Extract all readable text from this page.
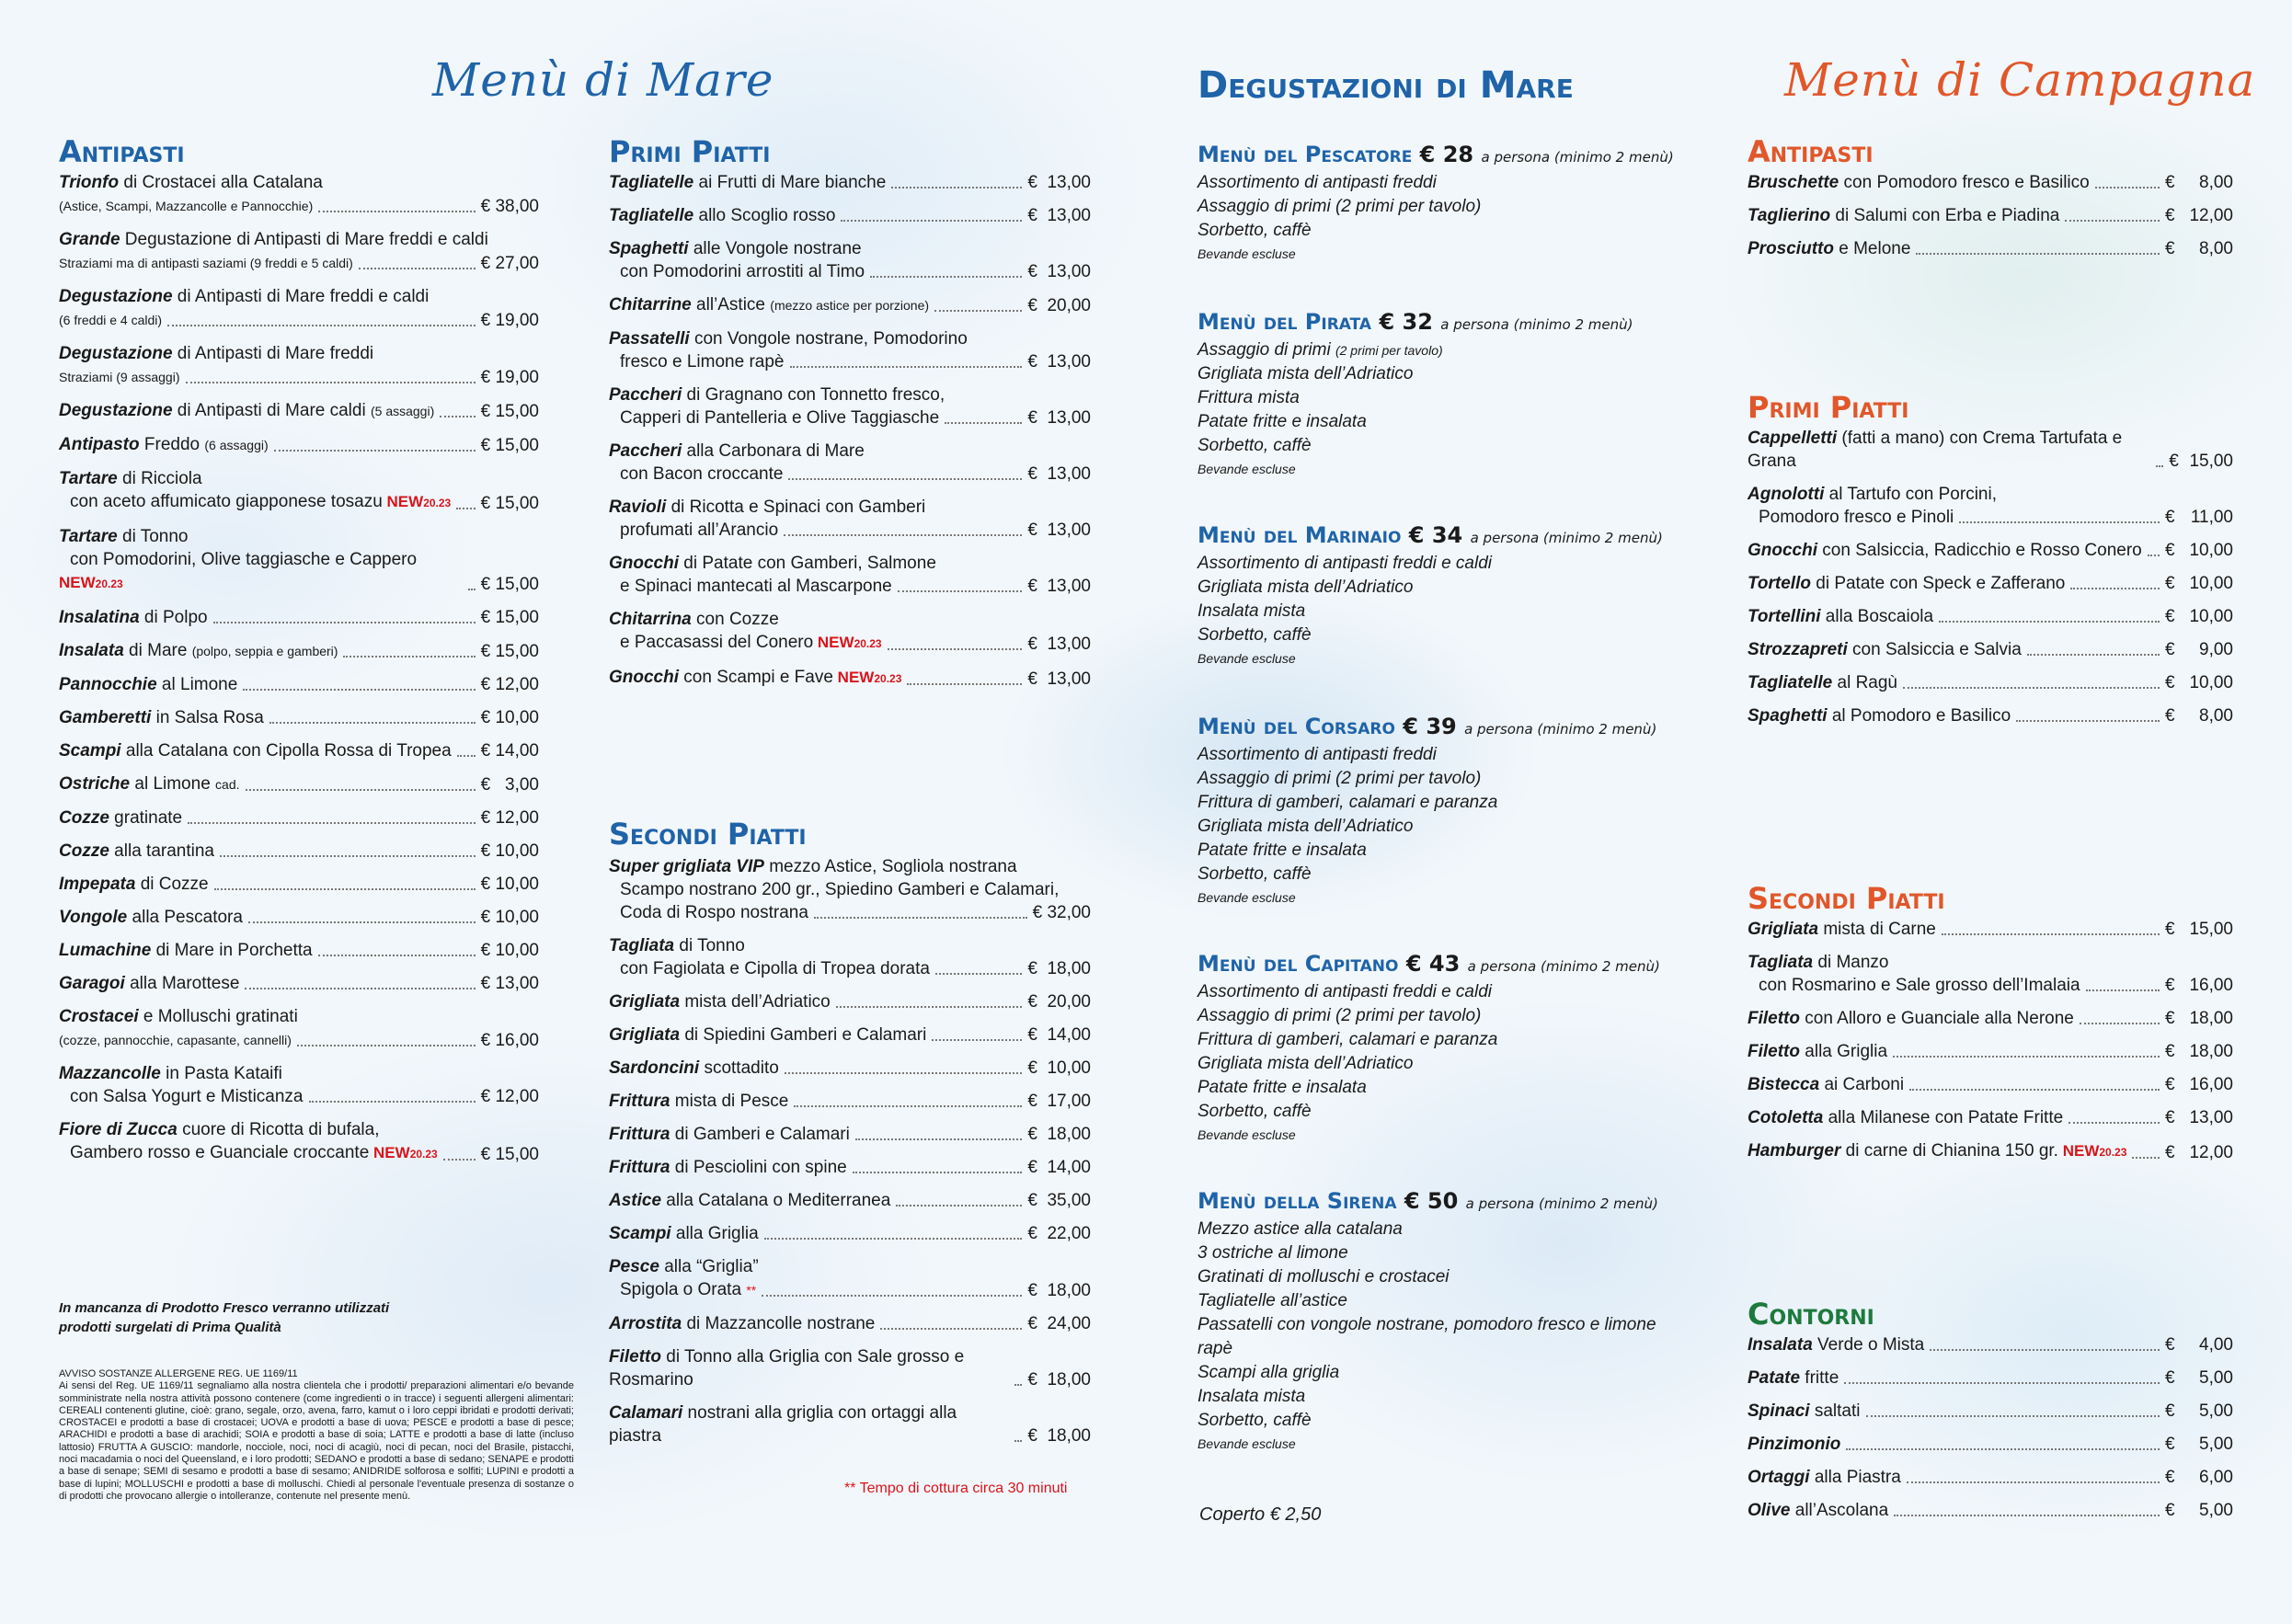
Menù di Mare	Degustazioni di Mare	Menù di Campagna
Antipasti
Trionfo di Crostacei alla Catalana
(Astice, Scampi, Mazzancolle e Pannocchie)	€ 38,00
Grande Degustazione di Antipasti di Mare freddi e caldi
Straziami ma di antipasti saziami (9 freddi e 5 caldi)	€ 27,00
Degustazione di Antipasti di Mare freddi e caldi
(6 freddi e 4 caldi)	€ 19,00
Degustazione di Antipasti di Mare freddi
Straziami (9 assaggi)	€ 19,00
Degustazione di Antipasti di Mare caldi (5 assaggi)	€ 15,00
Antipasto Freddo (6 assaggi)	€ 15,00
Tartare di Ricciola
con aceto affumicato giapponese tosazu NEW20.23 € 15,00
Tartare di Tonno
con Pomodorini, Olive taggiasche e Cappero NEW20.23	€ 15,00
Insalatina di Polpo	€ 15,00
Insalata di Mare (polpo, seppia e gamberi)	€ 15,00
Pannocchie al Limone	€ 12,00
Gamberetti in Salsa Rosa	€ 10,00
Scampi alla Catalana con Cipolla Rossa di Tropea € 14,00
Ostriche al Limone cad.	€   3,00
Cozze gratinate	€ 12,00
Cozze alla tarantina	€ 10,00
Impepata di Cozze	€ 10,00
Vongole alla Pescatora	€ 10,00
Lumachine di Mare in Porchetta	€ 10,00
Garagoi alla Marottese	€ 13,00
Crostacei e Molluschi gratinati
(cozze, pannocchie, capasante, cannelli)	€ 16,00
Mazzancolle in Pasta Kataifi
con Salsa Yogurt e Misticanza	€ 12,00
Fiore di Zucca cuore di Ricotta di bufala,
Gambero rosso e Guanciale croccante NEW20.23 € 15,00
Primi Piatti
Tagliatelle ai Frutti di Mare bianche	€  13,00
Tagliatelle allo Scoglio rosso	€  13,00
Spaghetti alle Vongole nostrane
con Pomodorini arrostiti al Timo	€  13,00
Chitarrine all’Astice (mezzo astice per porzione)	€  20,00
Passatelli con Vongole nostrane, Pomodorino
fresco e Limone rapè	€  13,00
Paccheri di Gragnano con Tonnetto fresco,
Capperi di Pantelleria e Olive Taggiasche	€  13,00
Paccheri alla Carbonara di Mare
con Bacon croccante	€  13,00
Ravioli di Ricotta e Spinaci con Gamberi
profumati all’Arancio	€  13,00
Gnocchi di Patate con Gamberi, Salmone
e Spinaci mantecati al Mascarpone	€  13,00
Chitarrina con Cozze
e Paccasassi del Conero NEW20.23	€  13,00
Gnocchi con Scampi e Fave NEW20.23	€  13,00
Secondi Piatti
Super grigliata VIP mezzo Astice, Sogliola nostrana
Scampo nostrano 200 gr., Spiedino Gamberi e Calamari,
Coda di Rospo nostrana	€ 32,00
Tagliata di Tonno
con Fagiolata e Cipolla di Tropea dorata	€  18,00
Grigliata mista dell’Adriatico	€  20,00
Grigliata di Spiedini Gamberi e Calamari	€  14,00
Sardoncini scottadito	€  10,00
Frittura mista di Pesce	€  17,00
Frittura di Gamberi e Calamari	€  18,00
Frittura di Pesciolini con spine	€  14,00
Astice alla Catalana o Mediterranea	€  35,00
Scampi alla Griglia	€  22,00
Pesce alla “Griglia”
Spigola o Orata **	€  18,00
Arrostita di Mazzancolle nostrane	€  24,00
Filetto di Tonno alla Griglia con Sale grosso e Rosmarino	€  18,00
Calamari nostrani alla griglia con ortaggi alla piastra	€  18,00
** Tempo di cottura circa 30 minuti
In mancanza di Prodotto Fresco verranno utilizzati prodotti surgelati di Prima Qualità
AVVISO SOSTANZE ALLERGENE REG. UE 1169/11
Ai sensi del Reg. UE 1169/11 segnaliamo alla nostra clientela che i prodotti/ preparazioni alimentari e/o bevande somministrate nella nostra attività possono contenere (come ingredienti o in tracce) i seguenti allergeni alimentari: CEREALI contenenti glutine, cioè: grano, segale, orzo, avena, farro, kamut o i loro ceppi ibridati e prodotti derivati; CROSTACEI e prodotti a base di crostacei; UOVA e prodotti a base di uova; PESCE e prodotti a base di pesce; ARACHIDI e prodotti a base di arachidi; SOIA e prodotti a base di soia; LATTE e prodotti a base di latte (incluso lattosio) FRUTTA A GUSCIO: mandorle, nocciole, noci, noci di acagiù, noci di pecan, noci del Brasile, pistacchi, noci macadamia o noci del Queensland, e i loro prodotti; SEDANO e prodotti a base di sedano; SENAPE e prodotti a base di senape; SEMI di sesamo e prodotti a base di sesamo; ANIDRIDE solforosa e solfiti; LUPINI e prodotti a base di lupini; MOLLUSCHI e prodotti a base di molluschi. Chiedi al personale l'eventuale presenza di sostanze o di prodotti che provocano allergie o intolleranze, contenute nel presente menù.
Menù del Pescatore € 28 a persona (minimo 2 menù)
Assortimento di antipasti freddi
Assaggio di primi (2 primi per tavolo)
Sorbetto, caffè
Bevande escluse
Menù del Pirata € 32 a persona (minimo 2 menù)
Assaggio di primi (2 primi per tavolo)
Grigliata mista dell’Adriatico
Frittura mista
Patate fritte e insalata
Sorbetto, caffè
Bevande escluse
Menù del Marinaio € 34 a persona (minimo 2 menù)
Assortimento di antipasti freddi e caldi
Grigliata mista dell’Adriatico
Insalata mista
Sorbetto, caffè
Bevande escluse
Menù del Corsaro € 39 a persona (minimo 2 menù)
Assortimento di antipasti freddi
Assaggio di primi (2 primi per tavolo)
Frittura di gamberi, calamari e paranza
Grigliata mista dell’Adriatico
Patate fritte e insalata
Sorbetto, caffè
Bevande escluse
Menù del Capitano € 43 a persona (minimo 2 menù)
Assortimento di antipasti freddi e caldi
Assaggio di primi (2 primi per tavolo)
Frittura di gamberi, calamari e paranza
Grigliata mista dell’Adriatico
Patate fritte e insalata
Sorbetto, caffè
Bevande escluse
Menù della Sirena € 50 a persona (minimo 2 menù)
Mezzo astice alla catalana
3 ostriche al limone
Gratinati di molluschi e crostacei
Tagliatelle all’astice
Passatelli con vongole nostrane, pomodoro fresco e limone rapè
Scampi alla griglia
Insalata mista
Sorbetto, caffè
Bevande escluse
Coperto € 2,50
Antipasti
Bruschette con Pomodoro fresco e Basilico	€ 8,00
Taglierino di Salumi con Erba e Piadina	€ 12,00
Prosciutto e Melone	€ 8,00
Primi Piatti
Cappelletti (fatti a mano) con Crema Tartufata e Grana	€ 15,00
Agnolotti al Tartufo con Porcini,
Pomodoro fresco e Pinoli	€ 11,00
Gnocchi con Salsiccia, Radicchio e Rosso Conero € 10,00
Tortello di Patate con Speck e Zafferano	€ 10,00
Tortellini alla Boscaiola	€ 10,00
Strozzapreti con Salsiccia e Salvia	€ 9,00
Tagliatelle al Ragù	€ 10,00
Spaghetti al Pomodoro e Basilico	€ 8,00
Secondi Piatti
Grigliata mista di Carne	€ 15,00
Tagliata di Manzo
con Rosmarino e Sale grosso dell’Imalaia	€ 16,00
Filetto con Alloro e Guanciale alla Nerone	€ 18,00
Filetto alla Griglia	€ 18,00
Bistecca ai Carboni	€ 16,00
Cotoletta alla Milanese con Patate Fritte	€ 13,00
Hamburger di carne di Chianina 150 gr. NEW20.23 € 12,00
Contorni
Insalata Verde o Mista	€ 4,00
Patate fritte	€ 5,00
Spinaci saltati	€ 5,00
Pinzimonio	€ 5,00
Ortaggi alla Piastra	€ 6,00
Olive all’Ascolana	€ 5,00
